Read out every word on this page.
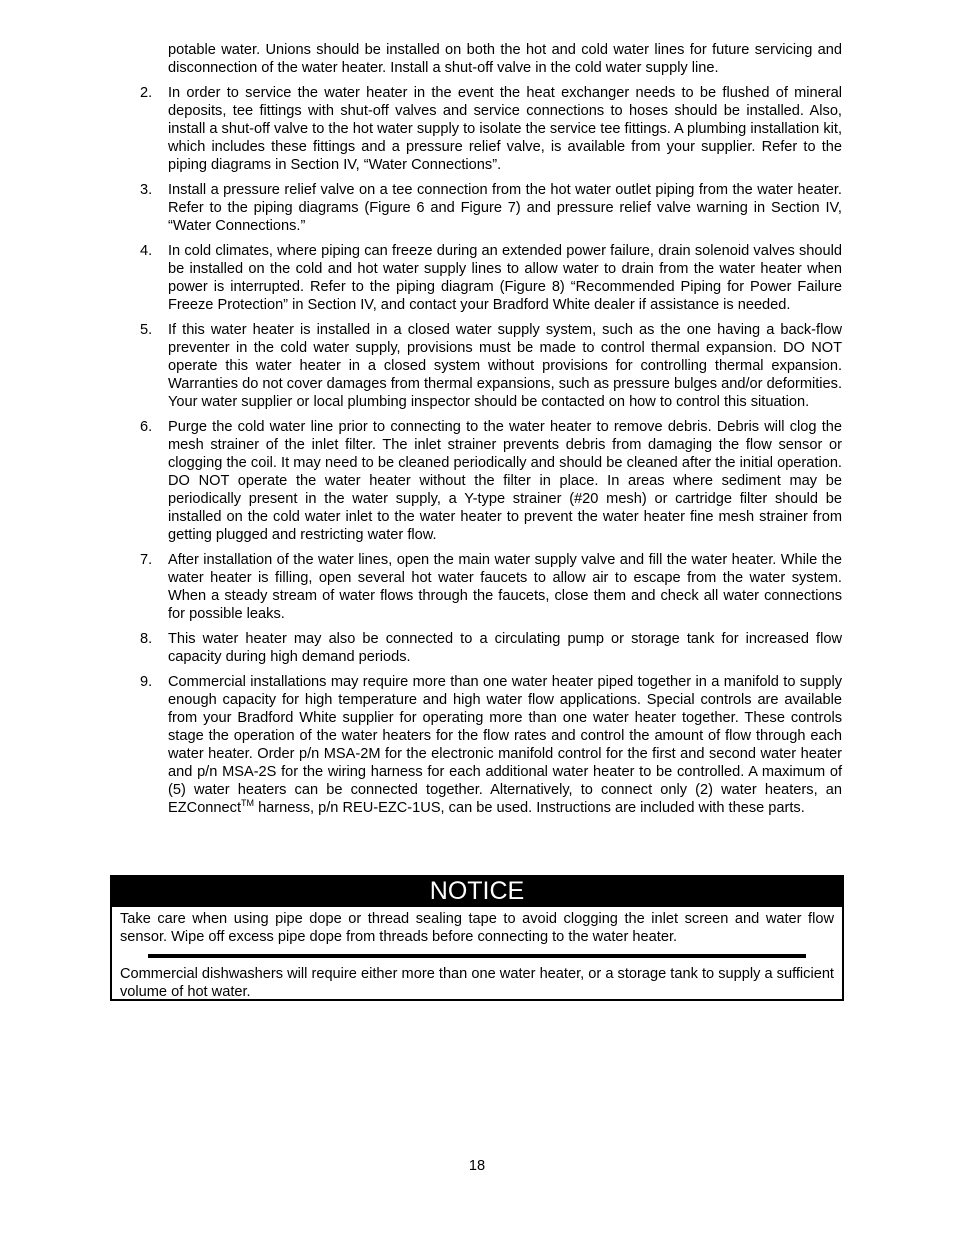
potable water. Unions should be installed on both the hot and cold water lines for future servicing and disconnection of the water heater. Install a shut-off valve in the cold water supply line.
2.	In order to service the water heater in the event the heat exchanger needs to be flushed of mineral deposits, tee fittings with shut-off valves and service connections to hoses should be installed. Also, install a shut-off valve to the hot water supply to isolate the service tee fittings. A plumbing installation kit, which includes these fittings and a pressure relief valve, is available from your supplier. Refer to the piping diagrams in Section IV, “Water Connections”.
3.	Install a pressure relief valve on a tee connection from the hot water outlet piping from the water heater. Refer to the piping diagrams (Figure 6 and Figure 7) and pressure relief valve warning in Section IV, “Water Connections.”
4.	In cold climates, where piping can freeze during an extended power failure, drain solenoid valves should be installed on the cold and hot water supply lines to allow water to drain from the water heater when power is interrupted. Refer to the piping diagram (Figure 8) “Recommended Piping for Power Failure Freeze Protection” in Section IV, and contact your Bradford White dealer if assistance is needed.
5.	If this water heater is installed in a closed water supply system, such as the one having a back-flow preventer in the cold water supply, provisions must be made to control thermal expansion. DO NOT operate this water heater in a closed system without provisions for controlling thermal expansion. Warranties do not cover damages from thermal expansions, such as pressure bulges and/or deformities. Your water supplier or local plumbing inspector should be contacted on how to control this situation.
6.	Purge the cold water line prior to connecting to the water heater to remove debris. Debris will clog the mesh strainer of the inlet filter. The inlet strainer prevents debris from damaging the flow sensor or clogging the coil. It may need to be cleaned periodically and should be cleaned after the initial operation. DO NOT operate the water heater without the filter in place. In areas where sediment may be periodically present in the water supply, a Y-type strainer (#20 mesh) or cartridge filter should be installed on the cold water inlet to the water heater to prevent the water heater fine mesh strainer from getting plugged and restricting water flow.
7.	After installation of the water lines, open the main water supply valve and fill the water heater. While the water heater is filling, open several hot water faucets to allow air to escape from the water system. When a steady stream of water flows through the faucets, close them and check all water connections for possible leaks.
8.	This water heater may also be connected to a circulating pump or storage tank for increased flow capacity during high demand periods.
9.	Commercial installations may require more than one water heater piped together in a manifold to supply enough capacity for high temperature and high water flow applications. Special controls are available from your Bradford White supplier for operating more than one water heater together. These controls stage the operation of the water heaters for the flow rates and control the amount of flow through each water heater. Order p/n MSA-2M for the electronic manifold control for the first and second water heater and p/n MSA-2S for the wiring harness for each additional water heater to be controlled. A maximum of (5) water heaters can be connected together. Alternatively, to connect only (2) water heaters, an EZConnect™ harness, p/n REU-EZC-1US, can be used. Instructions are included with these parts.
NOTICE

Take care when using pipe dope or thread sealing tape to avoid clogging the inlet screen and water flow sensor. Wipe off excess pipe dope from threads before connecting to the water heater.

Commercial dishwashers will require either more than one water heater, or a storage tank to supply a sufficient volume of hot water.

18
